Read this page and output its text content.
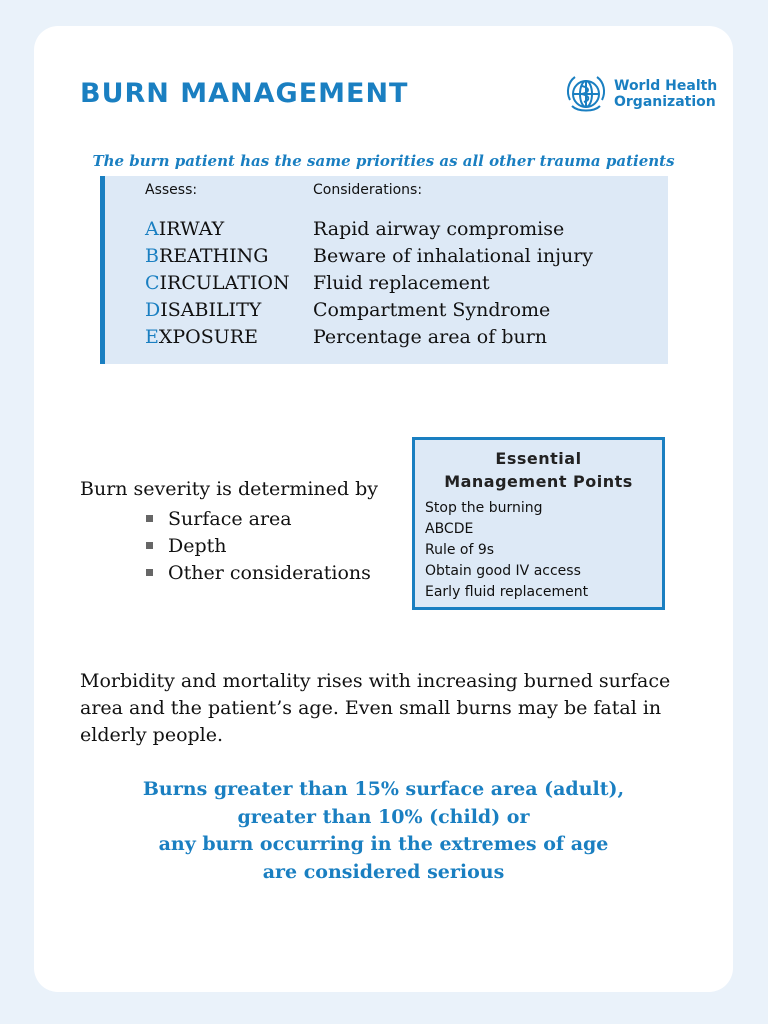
BURN MANAGEMENT	World Health
Organization

The burn patient has the same priorities as all other trauma patients

Assess:	Considerations:
AIRWAY	Rapid airway compromise
BREATHING Beware of inhalational injury
CIRCULATION Fluid replacement
DISABILITY	Compartment Syndrome
EXPOSURE	Percentage area of burn

Burn severity is determined by

Surface area
Depth
Other considerations
Essential
Management Points
Stop the burning
ABCDE
Rule of 9s
Obtain good IV access
Early fluid replacement

Morbidity and mortality rises with increasing burned surface area and the patient’s age. Even small burns may be fatal in elderly people.

Burns greater than 15% surface area (adult),
greater than 10% (child) or
any burn occurring in the extremes of age
are considered serious
